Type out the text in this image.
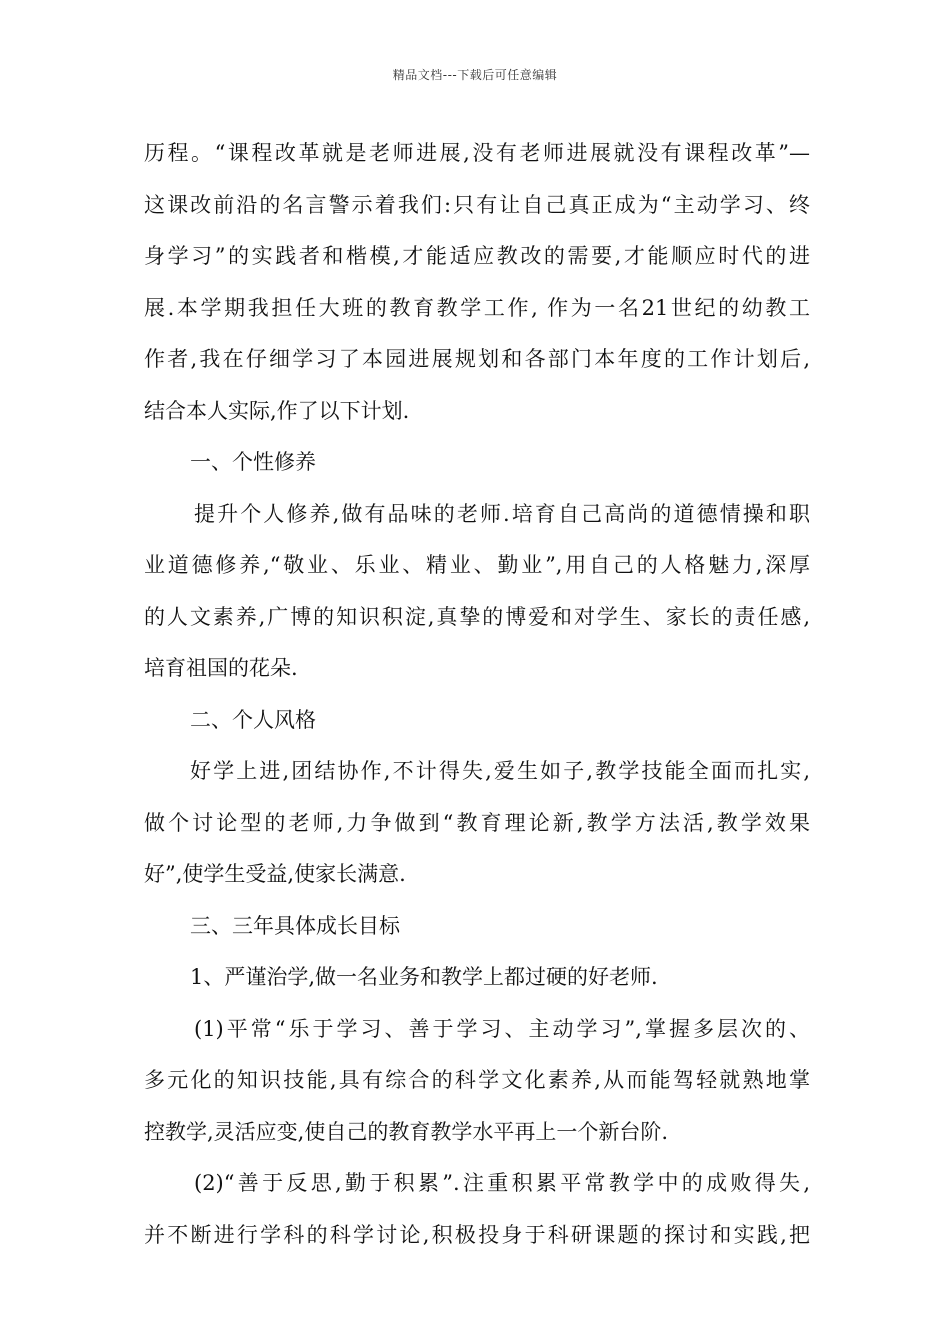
精品文档---下载后可任意编辑
历程。“课程改革就是老师进展,没有老师进展就没有课程改革”—
这课改前沿的名言警示着我们:只有让自己真正成为“主动学习、终
身学习”的实践者和楷模,才能适应教改的需要,才能顺应时代的进
展.本学期我担任大班的教育教学工作, 作为一名21世纪的幼教工
作者,我在仔细学习了本园进展规划和各部门本年度的工作计划后,
结合本人实际,作了以下计划.
一、个性修养
提升个人修养,做有品味的老师.培育自己高尚的道德情操和职
业道德修养,“敬业、乐业、精业、勤业”,用自己的人格魅力,深厚
的人文素养,广博的知识积淀,真挚的博爱和对学生、家长的责任感,
培育祖国的花朵.
二、个人风格
好学上进,团结协作,不计得失,爱生如子,教学技能全面而扎实,
做个讨论型的老师,力争做到“教育理论新,教学方法活,教学效果
好”,使学生受益,使家长满意.
三、三年具体成长目标
1、严谨治学,做一名业务和教学上都过硬的好老师.
(1)平常“乐于学习、善于学习、主动学习”,掌握多层次的、
多元化的知识技能,具有综合的科学文化素养,从而能驾轻就熟地掌
控教学,灵活应变,使自己的教育教学水平再上一个新台阶.
(2)“善于反思,勤于积累”.注重积累平常教学中的成败得失,
并不断进行学科的科学讨论,积极投身于科研课题的探讨和实践,把
